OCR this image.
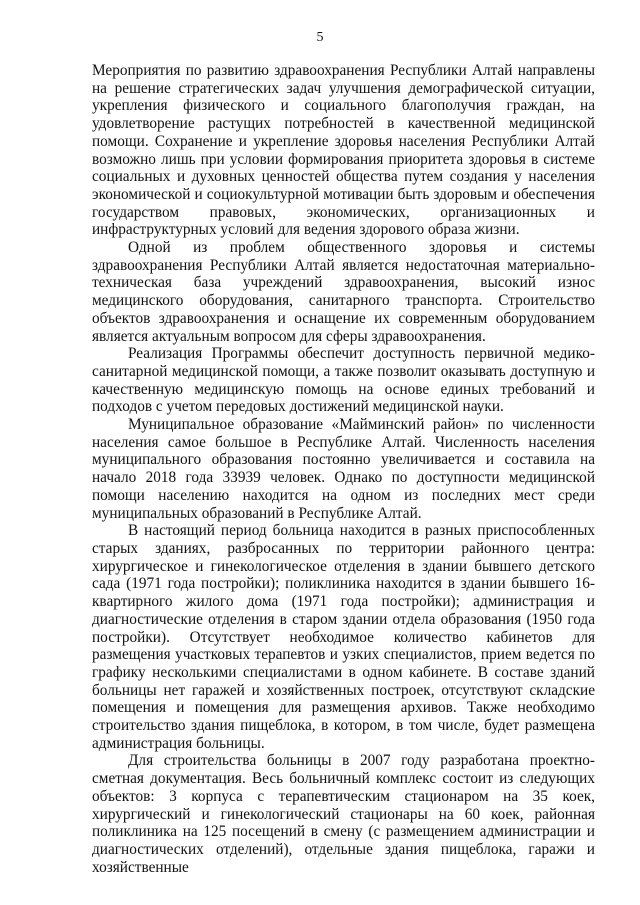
5

Мероприятия по развитию здравоохранения Республики Алтай направлены на решение стратегических задач улучшения демографической ситуации, укрепления физического и социального благополучия граждан, на удовлетворение растущих потребностей в качественной медицинской помощи. Сохранение и укрепление здоровья населения Республики Алтай возможно лишь при условии формирования приоритета здоровья в системе социальных и духовных ценностей общества путем создания у населения экономической и социокультурной мотивации быть здоровым и обеспечения государством правовых, экономических, организационных и инфраструктурных условий для ведения здорового образа жизни.

Одной из проблем общественного здоровья и системы здравоохранения Республики Алтай является недостаточная материально-техническая база учреждений здравоохранения, высокий износ медицинского оборудования, санитарного транспорта. Строительство объектов здравоохранения и оснащение их современным оборудованием является актуальным вопросом для сферы здравоохранения.

Реализация Программы обеспечит доступность первичной медико-санитарной медицинской помощи, а также позволит оказывать доступную и качественную медицинскую помощь на основе единых требований и подходов с учетом передовых достижений медицинской науки.

Муниципальное образование «Майминский район» по численности населения самое большое в Республике Алтай. Численность населения муниципального образования постоянно увеличивается и составила на начало 2018 года 33939 человек. Однако по доступности медицинской помощи населению находится на одном из последних мест среди муниципальных образований в Республике Алтай.

В настоящий период больница находится в разных приспособленных старых зданиях, разбросанных по территории районного центра: хирургическое и гинекологическое отделения в здании бывшего детского сада (1971 года постройки); поликлиника находится в здании бывшего 16-квартирного жилого дома (1971 года постройки); администрация и диагностические отделения в старом здании отдела образования (1950 года постройки). Отсутствует необходимое количество кабинетов для размещения участковых терапевтов и узких специалистов, прием ведется по графику несколькими специалистами в одном кабинете. В составе зданий больницы нет гаражей и хозяйственных построек, отсутствуют складские помещения и помещения для размещения архивов. Также необходимо строительство здания пищеблока, в котором, в том числе, будет размещена администрация больницы.

Для строительства больницы в 2007 году разработана проектно-сметная документация. Весь больничный комплекс состоит из следующих объектов: 3 корпуса с терапевтическим стационаром на 35 коек, хирургический и гинекологический стационары на 60 коек, районная поликлиника на 125 посещений в смену (с размещением администрации и диагностических отделений), отдельные здания пищеблока, гаражи и хозяйственные
